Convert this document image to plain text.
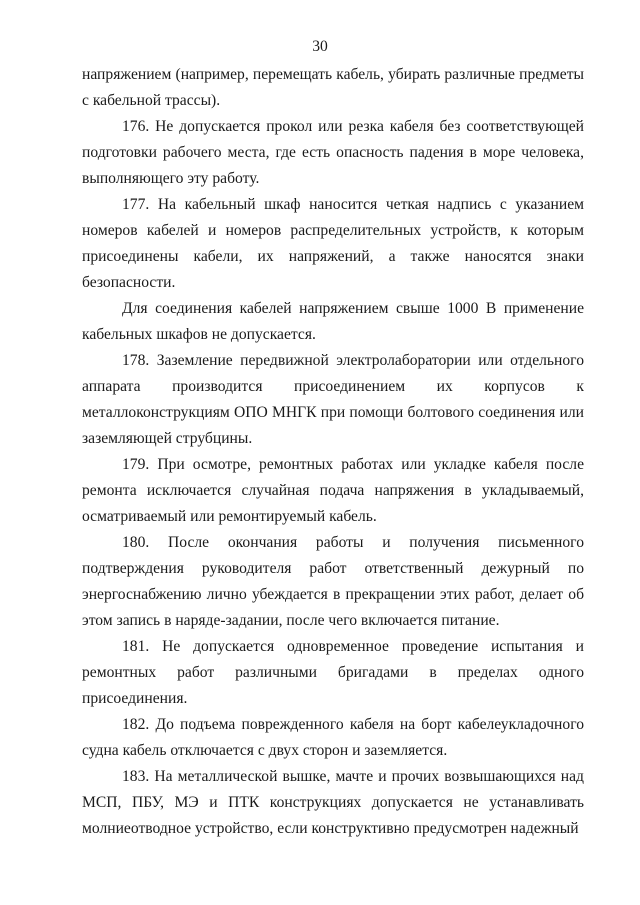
30

напряжением (например, перемещать кабель, убирать различные предметы с кабельной трассы).

176. Не допускается прокол или резка кабеля без соответствующей подготовки рабочего места, где есть опасность падения в море человека, выполняющего эту работу.

177. На кабельный шкаф наносится четкая надпись с указанием номеров кабелей и номеров распределительных устройств, к которым присоединены кабели, их напряжений, а также наносятся знаки безопасности.

Для соединения кабелей напряжением свыше 1000 В применение кабельных шкафов не допускается.

178. Заземление передвижной электролаборатории или отдельного аппарата производится присоединением их корпусов к металлоконструкциям ОПО МНГК при помощи болтового соединения или заземляющей струбцины.

179. При осмотре, ремонтных работах или укладке кабеля после ремонта исключается случайная подача напряжения в укладываемый, осматриваемый или ремонтируемый кабель.

180. После окончания работы и получения письменного подтверждения руководителя работ ответственный дежурный по энергоснабжению лично убеждается в прекращении этих работ, делает об этом запись в наряде-задании, после чего включается питание.

181. Не допускается одновременное проведение испытания и ремонтных работ различными бригадами в пределах одного присоединения.

182. До подъема поврежденного кабеля на борт кабелеукладочного судна кабель отключается с двух сторон и заземляется.

183. На металлической вышке, мачте и прочих возвышающихся над МСП, ПБУ, МЭ и ПТК конструкциях допускается не устанавливать молниеотводное устройство, если конструктивно предусмотрен надежный
